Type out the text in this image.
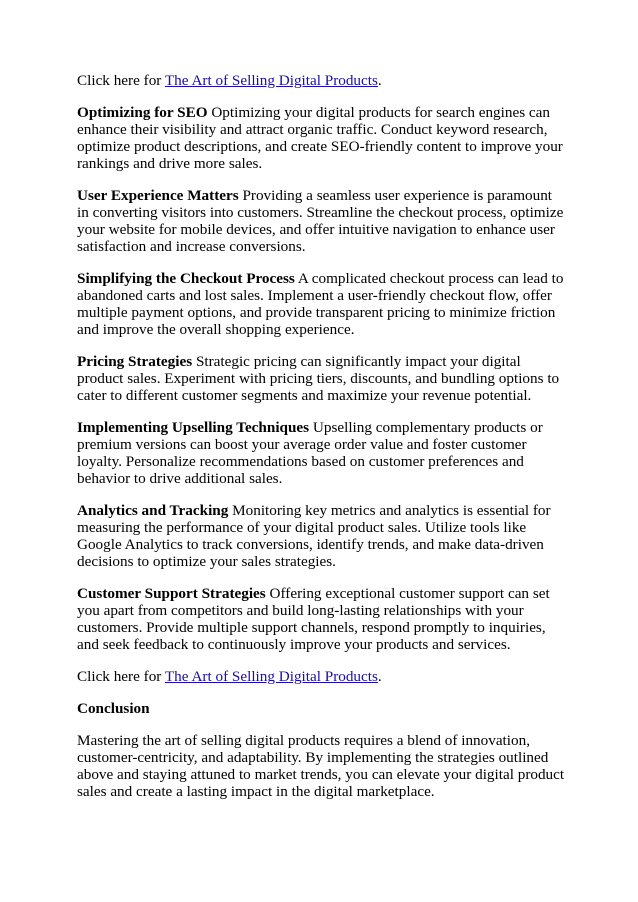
Click here for The Art of Selling Digital Products.

Optimizing for SEO Optimizing your digital products for search engines can enhance their visibility and attract organic traffic. Conduct keyword research, optimize product descriptions, and create SEO-friendly content to improve your rankings and drive more sales.

User Experience Matters Providing a seamless user experience is paramount in converting visitors into customers. Streamline the checkout process, optimize your website for mobile devices, and offer intuitive navigation to enhance user satisfaction and increase conversions.

Simplifying the Checkout Process A complicated checkout process can lead to abandoned carts and lost sales. Implement a user-friendly checkout flow, offer multiple payment options, and provide transparent pricing to minimize friction and improve the overall shopping experience.

Pricing Strategies Strategic pricing can significantly impact your digital product sales. Experiment with pricing tiers, discounts, and bundling options to cater to different customer segments and maximize your revenue potential.

Implementing Upselling Techniques Upselling complementary products or premium versions can boost your average order value and foster customer loyalty. Personalize recommendations based on customer preferences and behavior to drive additional sales.

Analytics and Tracking Monitoring key metrics and analytics is essential for measuring the performance of your digital product sales. Utilize tools like Google Analytics to track conversions, identify trends, and make data-driven decisions to optimize your sales strategies.

Customer Support Strategies Offering exceptional customer support can set you apart from competitors and build long-lasting relationships with your customers. Provide multiple support channels, respond promptly to inquiries, and seek feedback to continuously improve your products and services.

Click here for The Art of Selling Digital Products.

Conclusion

Mastering the art of selling digital products requires a blend of innovation, customer-centricity, and adaptability. By implementing the strategies outlined above and staying attuned to market trends, you can elevate your digital product sales and create a lasting impact in the digital marketplace.
